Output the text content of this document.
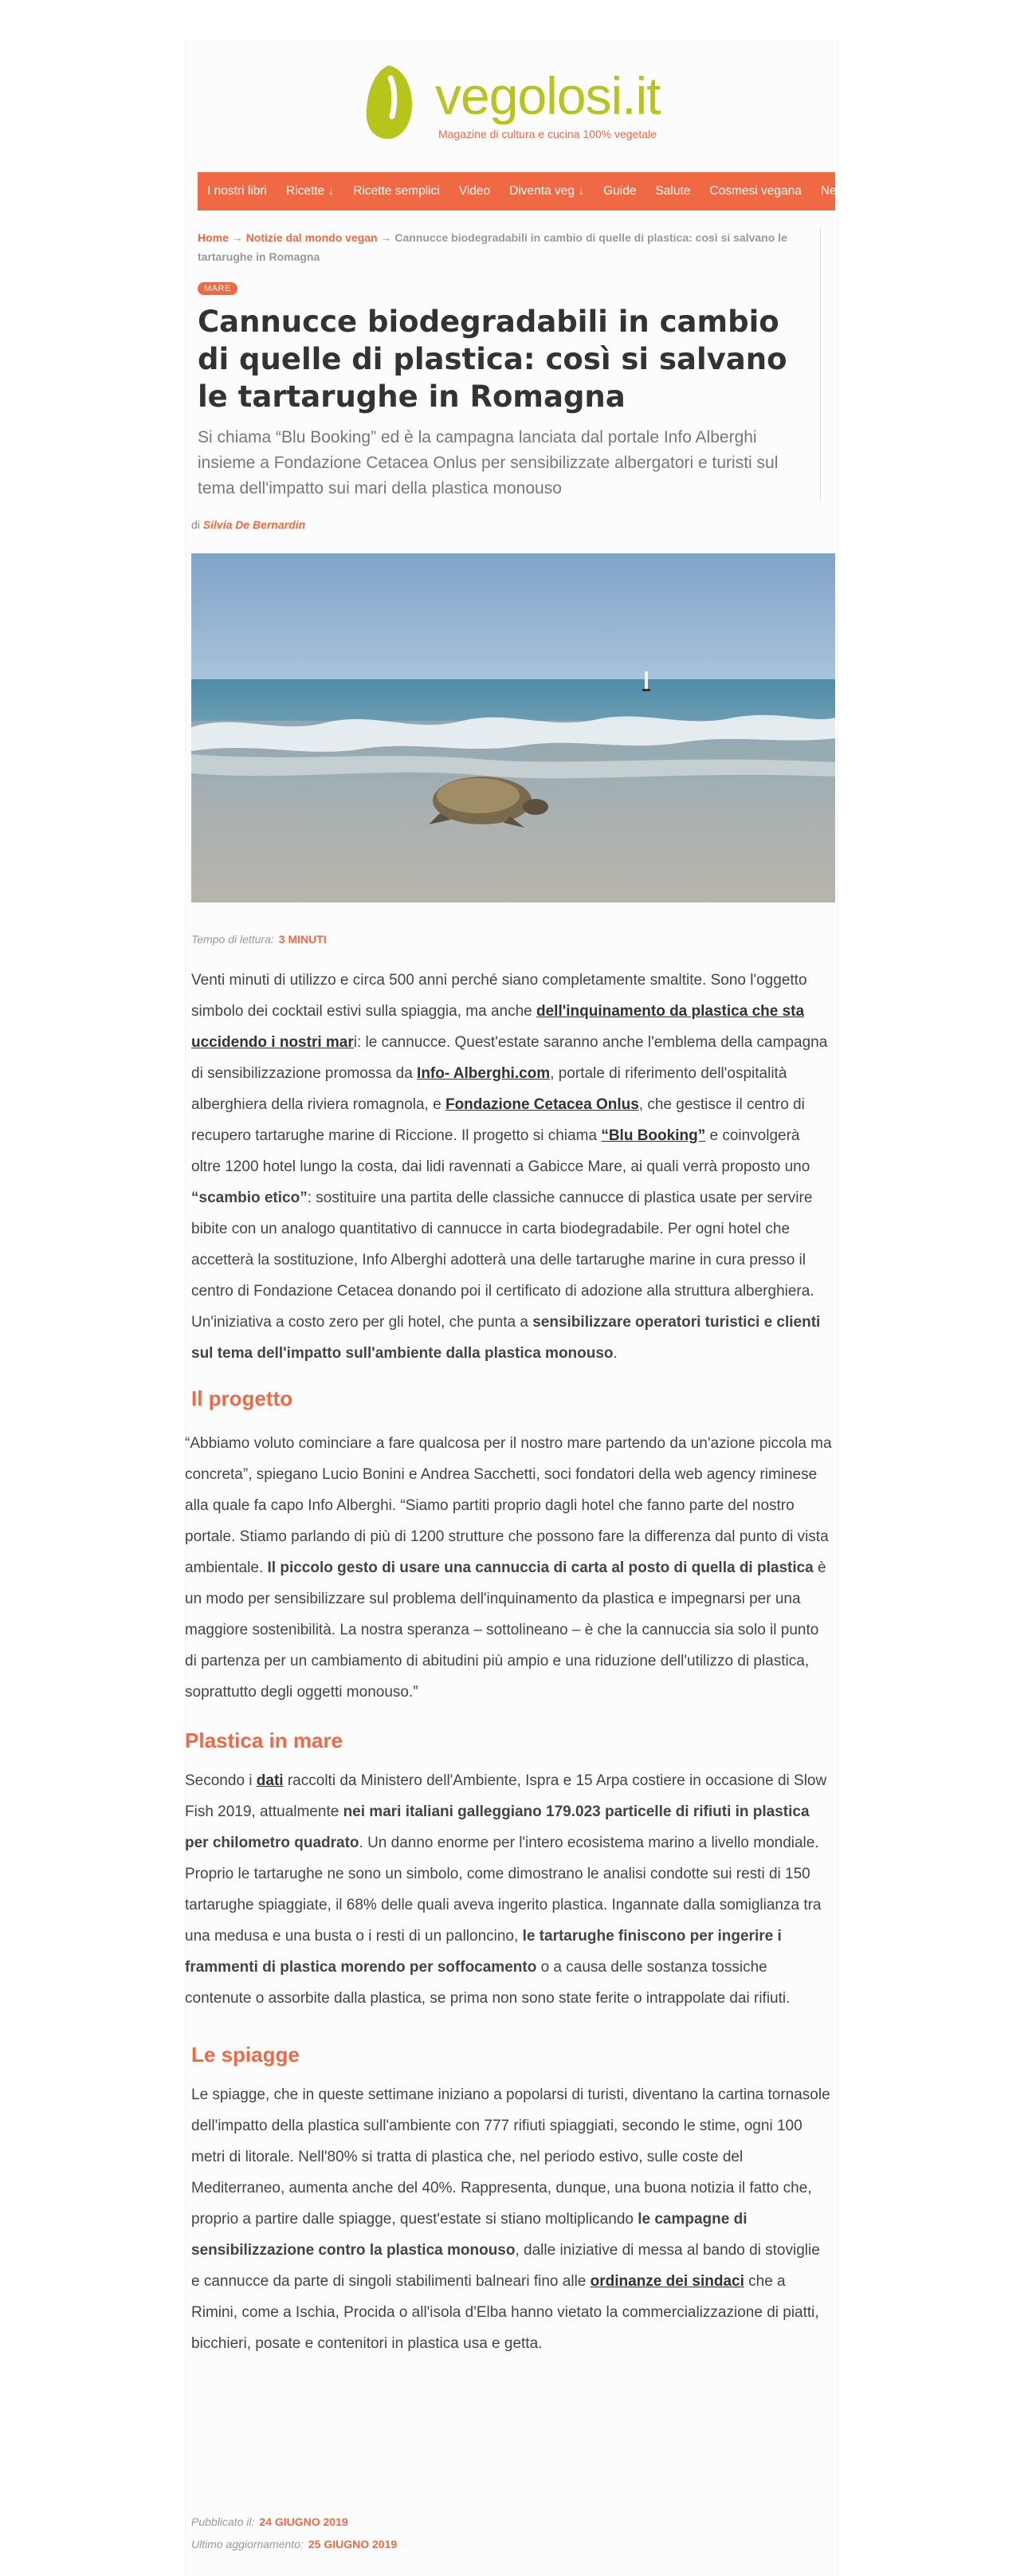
vegolosi.it
Magazine di cultura e cucina 100% vegetale
I nostri libri	Ricette ↓	Ricette semplici	Video	Diventa veg ↓	Guide	Salute	Cosmesi vegana	News
Home → Notizie dal mondo vegan → Cannucce biodegradabili in cambio di quelle di plastica: così si salvano le tartarughe in Romagna
MARE
Cannucce biodegradabili in cambio di quelle di plastica: così si salvano le tartarughe in Romagna

Si chiama “Blu Booking” ed è la campagna lanciata dal portale Info Alberghi insieme a Fondazione Cetacea Onlus per sensibilizzate albergatori e turisti sul tema dell'impatto sui mari della plastica monouso

di Silvia De Bernardin
Tempo di lettura: 3 MINUTI

Venti minuti di utilizzo e circa 500 anni perché siano completamente smaltite. Sono l'oggetto simbolo dei cocktail estivi sulla spiaggia, ma anche dell'inquinamento da plastica che sta uccidendo i nostri mari: le cannucce. Quest'estate saranno anche l'emblema della campagna di sensibilizzazione promossa da Info- Alberghi.com, portale di riferimento dell'ospitalità alberghiera della riviera romagnola, e Fondazione Cetacea Onlus, che gestisce il centro di recupero tartarughe marine di Riccione. Il progetto si chiama “Blu Booking” e coinvolgerà oltre 1200 hotel lungo la costa, dai lidi ravennati a Gabicce Mare, ai quali verrà proposto uno “scambio etico”: sostituire una partita delle classiche cannucce di plastica usate per servire bibite con un analogo quantitativo di cannucce in carta biodegradabile. Per ogni hotel che accetterà la sostituzione, Info Alberghi adotterà una delle tartarughe marine in cura presso il centro di Fondazione Cetacea donando poi il certificato di adozione alla struttura alberghiera. Un'iniziativa a costo zero per gli hotel, che punta a sensibilizzare operatori turistici e clienti sul tema dell'impatto sull'ambiente dalla plastica monouso.

Il progetto

“Abbiamo voluto cominciare a fare qualcosa per il nostro mare partendo da un'azione piccola ma concreta”, spiegano Lucio Bonini e Andrea Sacchetti, soci fondatori della web agency riminese alla quale fa capo Info Alberghi. “Siamo partiti proprio dagli hotel che fanno parte del nostro portale. Stiamo parlando di più di 1200 strutture che possono fare la differenza dal punto di vista ambientale. Il piccolo gesto di usare una cannuccia di carta al posto di quella di plastica è un modo per sensibilizzare sul problema dell'inquinamento da plastica e impegnarsi per una maggiore sostenibilità. La nostra speranza – sottolineano – è che la cannuccia sia solo il punto di partenza per un cambiamento di abitudini più ampio e una riduzione dell'utilizzo di plastica, soprattutto degli oggetti monouso.”

Plastica in mare

Secondo i dati raccolti da Ministero dell'Ambiente, Ispra e 15 Arpa costiere in occasione di Slow Fish 2019, attualmente nei mari italiani galleggiano 179.023 particelle di rifiuti in plastica per chilometro quadrato. Un danno enorme per l'intero ecosistema marino a livello mondiale. Proprio le tartarughe ne sono un simbolo, come dimostrano le analisi condotte sui resti di 150 tartarughe spiaggiate, il 68% delle quali aveva ingerito plastica. Ingannate dalla somiglianza tra una medusa e una busta o i resti di un palloncino, le tartarughe finiscono per ingerire i frammenti di plastica morendo per soffocamento o a causa delle sostanza tossiche contenute o assorbite dalla plastica, se prima non sono state ferite o intrappolate dai rifiuti.

Le spiagge

Le spiagge, che in queste settimane iniziano a popolarsi di turisti, diventano la cartina tornasole dell'impatto della plastica sull'ambiente con 777 rifiuti spiaggiati, secondo le stime, ogni 100 metri di litorale. Nell'80% si tratta di plastica che, nel periodo estivo, sulle coste del Mediterraneo, aumenta anche del 40%. Rappresenta, dunque, una buona notizia il fatto che, proprio a partire dalle spiagge, quest'estate si stiano moltiplicando le campagne di sensibilizzazione contro la plastica monouso, dalle iniziative di messa al bando di stoviglie e cannucce da parte di singoli stabilimenti balneari fino alle ordinanze dei sindaci che a Rimini, come a Ischia, Procida o all'isola d'Elba hanno vietato la commercializzazione di piatti, bicchieri, posate e contenitori in plastica usa e getta.

Pubblicato il: 24 GIUGNO 2019
Ultimo aggiornamento: 25 GIUGNO 2019
